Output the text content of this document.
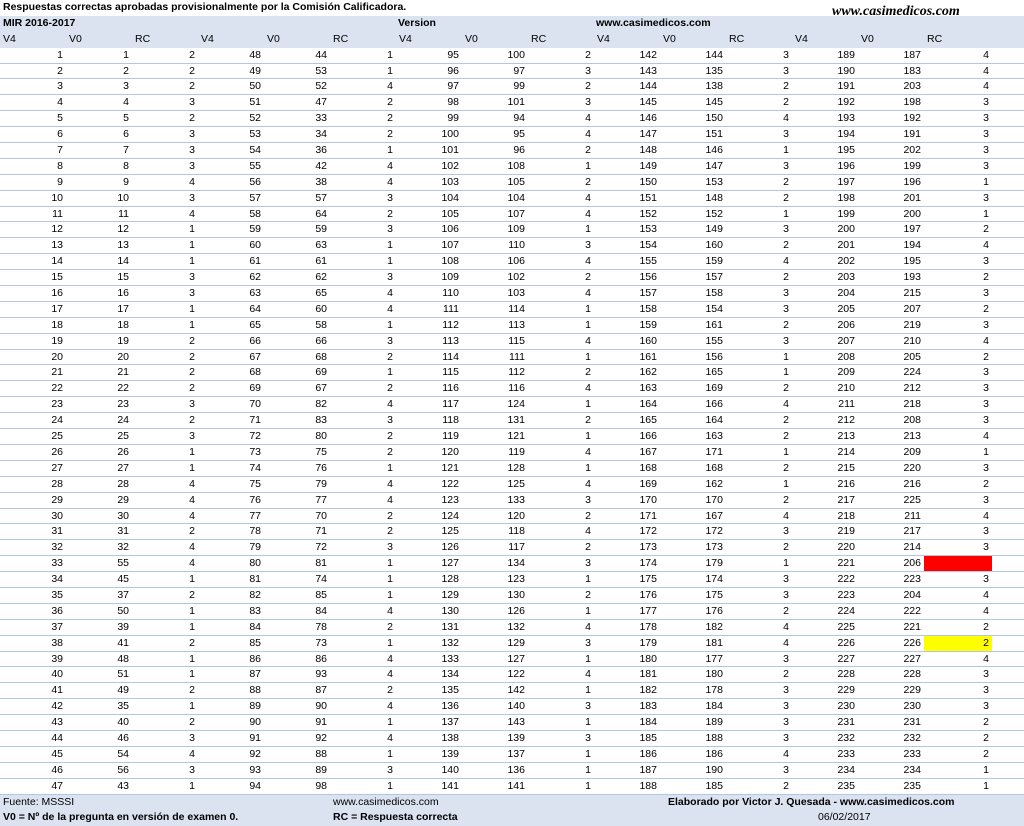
www.casimedicos.com
Respuestas correctas aprobadas provisionalmente por la Comisión Calificadora.
MIR 2016-2017	Version	www.casimedicos.com
V4	V0	RC	V4	V0	RC	V4	V0	RC	V4	V0	RC	V4	V0	RC
1	1	2	48	44	1	95	100	2	142	144	3	189	187	4
2	2	2	49	53	1	96	97	3	143	135	3	190	183	4
3	3	2	50	52	4	97	99	2	144	138	2	191	203	4
4	4	3	51	47	2	98	101	3	145	145	2	192	198	3
5	5	2	52	33	2	99	94	4	146	150	4	193	192	3
6	6	3	53	34	2	100	95	4	147	151	3	194	191	3
7	7	3	54	36	1	101	96	2	148	146	1	195	202	3
8	8	3	55	42	4	102	108	1	149	147	3	196	199	3
9	9	4	56	38	4	103	105	2	150	153	2	197	196	1
10	10	3	57	57	3	104	104	4	151	148	2	198	201	3
11	11	4	58	64	2	105	107	4	152	152	1	199	200	1
12	12	1	59	59	3	106	109	1	153	149	3	200	197	2
13	13	1	60	63	1	107	110	3	154	160	2	201	194	4
14	14	1	61	61	1	108	106	4	155	159	4	202	195	3
15	15	3	62	62	3	109	102	2	156	157	2	203	193	2
16	16	3	63	65	4	110	103	4	157	158	3	204	215	3
17	17	1	64	60	4	111	114	1	158	154	3	205	207	2
18	18	1	65	58	1	112	113	1	159	161	2	206	219	3
19	19	2	66	66	3	113	115	4	160	155	3	207	210	4
20	20	2	67	68	2	114	111	1	161	156	1	208	205	2
21	21	2	68	69	1	115	112	2	162	165	1	209	224	3
22	22	2	69	67	2	116	116	4	163	169	2	210	212	3
23	23	3	70	82	4	117	124	1	164	166	4	211	218	3
24	24	2	71	83	3	118	131	2	165	164	2	212	208	3
25	25	3	72	80	2	119	121	1	166	163	2	213	213	4
26	26	1	73	75	2	120	119	4	167	171	1	214	209	1
27	27	1	74	76	1	121	128	1	168	168	2	215	220	3
28	28	4	75	79	4	122	125	4	169	162	1	216	216	2
29	29	4	76	77	4	123	133	3	170	170	2	217	225	3
30	30	4	77	70	2	124	120	2	171	167	4	218	211	4
31	31	2	78	71	2	125	118	4	172	172	3	219	217	3
32	32	4	79	72	3	126	117	2	173	173	2	220	214	3
33	55	4	80	81	1	127	134	3	174	179	1	221	206
34	45	1	81	74	1	128	123	1	175	174	3	222	223	3
35	37	2	82	85	1	129	130	2	176	175	3	223	204	4
36	50	1	83	84	4	130	126	1	177	176	2	224	222	4
37	39	1	84	78	2	131	132	4	178	182	4	225	221	2
38	41	2	85	73	1	132	129	3	179	181	4	226	226	2
39	48	1	86	86	4	133	127	1	180	177	3	227	227	4
40	51	1	87	93	4	134	122	4	181	180	2	228	228	3
41	49	2	88	87	2	135	142	1	182	178	3	229	229	3
42	35	1	89	90	4	136	140	3	183	184	3	230	230	3
43	40	2	90	91	1	137	143	1	184	189	3	231	231	2
44	46	3	91	92	4	138	139	3	185	188	3	232	232	2
45	54	4	92	88	1	139	137	1	186	186	4	233	233	2
46	56	3	93	89	3	140	136	1	187	190	3	234	234	1
47	43	1	94	98	1	141	141	1	188	185	2	235	235	1
Fuente: MSSSI	www.casimedicos.com	Elaborado por Victor J. Quesada - www.casimedicos.com
V0 = Nº de la pregunta en versión de examen 0.	RC = Respuesta correcta	06/02/2017
